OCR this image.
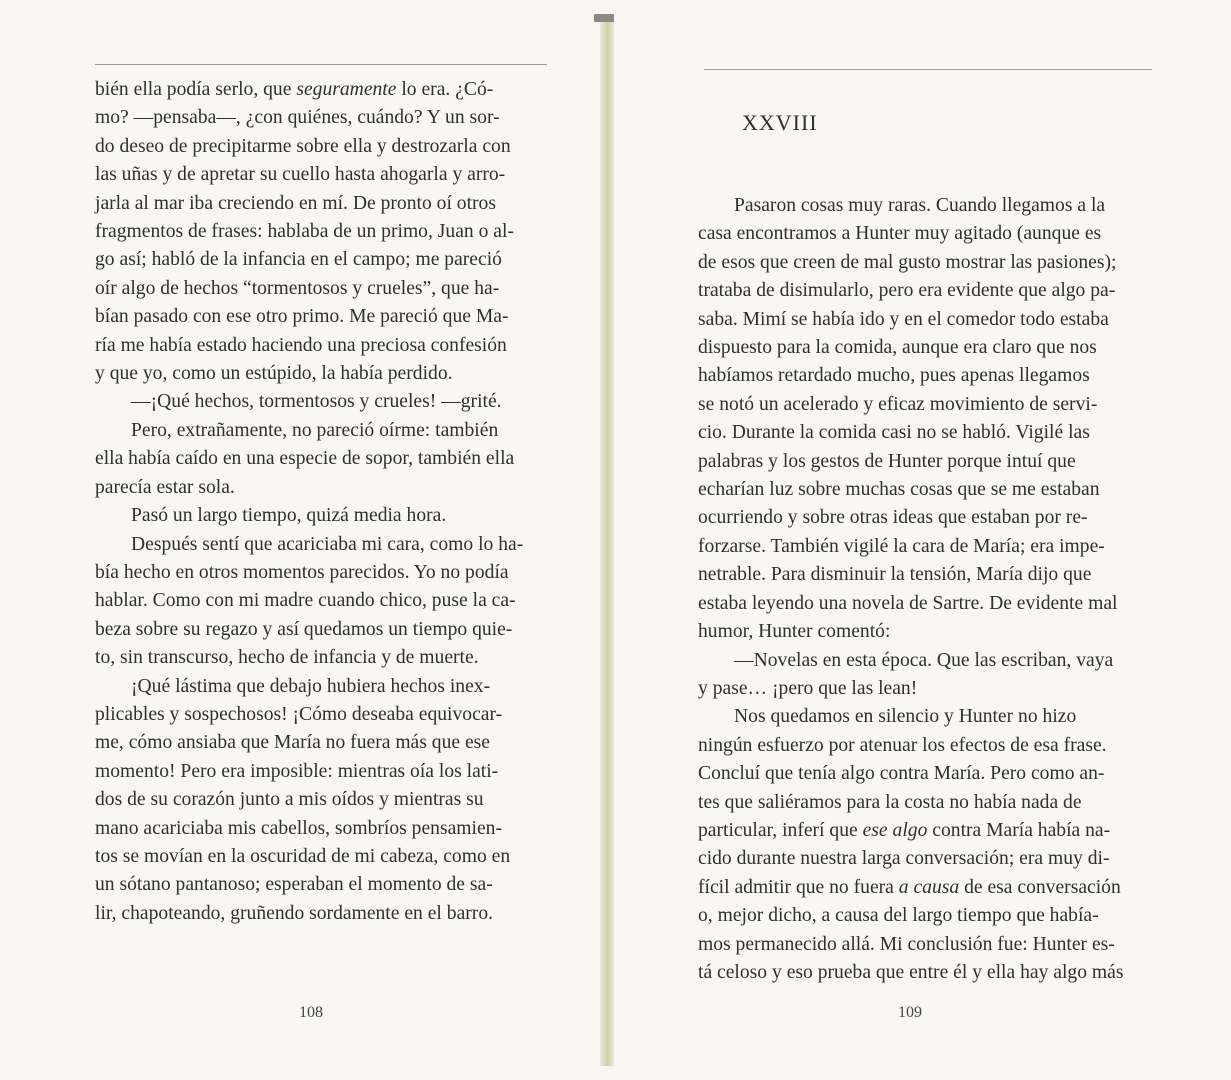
bién ella podía serlo, que seguramente lo era. ¿Có-

mo? —pensaba—, ¿con quiénes, cuándo? Y un sor-

do deseo de precipitarme sobre ella y destrozarla con

las uñas y de apretar su cuello hasta ahogarla y arro-

jarla al mar iba creciendo en mí. De pronto oí otros

fragmentos de frases: hablaba de un primo, Juan o al-

go así; habló de la infancia en el campo; me pareció

oír algo de hechos “tormentosos y crueles”, que ha-

bían pasado con ese otro primo. Me pareció que Ma-

ría me había estado haciendo una preciosa confesión

y que yo, como un estúpido, la había perdido.

—¡Qué hechos, tormentosos y crueles! —grité.

Pero, extrañamente, no pareció oírme: también

ella había caído en una especie de sopor, también ella

parecía estar sola.

Pasó un largo tiempo, quizá media hora.

Después sentí que acariciaba mi cara, como lo ha-

bía hecho en otros momentos parecidos. Yo no podía

hablar. Como con mi madre cuando chico, puse la ca-

beza sobre su regazo y así quedamos un tiempo quie-

to, sin transcurso, hecho de infancia y de muerte.

¡Qué lástima que debajo hubiera hechos inex-

plicables y sospechosos! ¡Cómo deseaba equivocar-

me, cómo ansiaba que María no fuera más que ese

momento! Pero era imposible: mientras oía los lati-

dos de su corazón junto a mis oídos y mientras su

mano acariciaba mis cabellos, sombríos pensamien-

tos se movían en la oscuridad de mi cabeza, como en

un sótano pantanoso; esperaban el momento de sa-

lir, chapoteando, gruñendo sordamente en el barro.

108
XXVIII

Pasaron cosas muy raras. Cuando llegamos a la

casa encontramos a Hunter muy agitado (aunque es

de esos que creen de mal gusto mostrar las pasiones);

trataba de disimularlo, pero era evidente que algo pa-

saba. Mimí se había ido y en el comedor todo estaba

dispuesto para la comida, aunque era claro que nos

habíamos retardado mucho, pues apenas llegamos

se notó un acelerado y eficaz movimiento de servi-

cio. Durante la comida casi no se habló. Vigilé las

palabras y los gestos de Hunter porque intuí que

echarían luz sobre muchas cosas que se me estaban

ocurriendo y sobre otras ideas que estaban por re-

forzarse. También vigilé la cara de María; era impe-

netrable. Para disminuir la tensión, María dijo que

estaba leyendo una novela de Sartre. De evidente mal

humor, Hunter comentó:

—Novelas en esta época. Que las escriban, vaya

y pase… ¡pero que las lean!

Nos quedamos en silencio y Hunter no hizo

ningún esfuerzo por atenuar los efectos de esa frase.

Concluí que tenía algo contra María. Pero como an-

tes que saliéramos para la costa no había nada de

particular, inferí que ese algo contra María había na-

cido durante nuestra larga conversación; era muy di-

fícil admitir que no fuera a causa de esa conversación

o, mejor dicho, a causa del largo tiempo que había-

mos permanecido allá. Mi conclusión fue: Hunter es-

tá celoso y eso prueba que entre él y ella hay algo más

109
